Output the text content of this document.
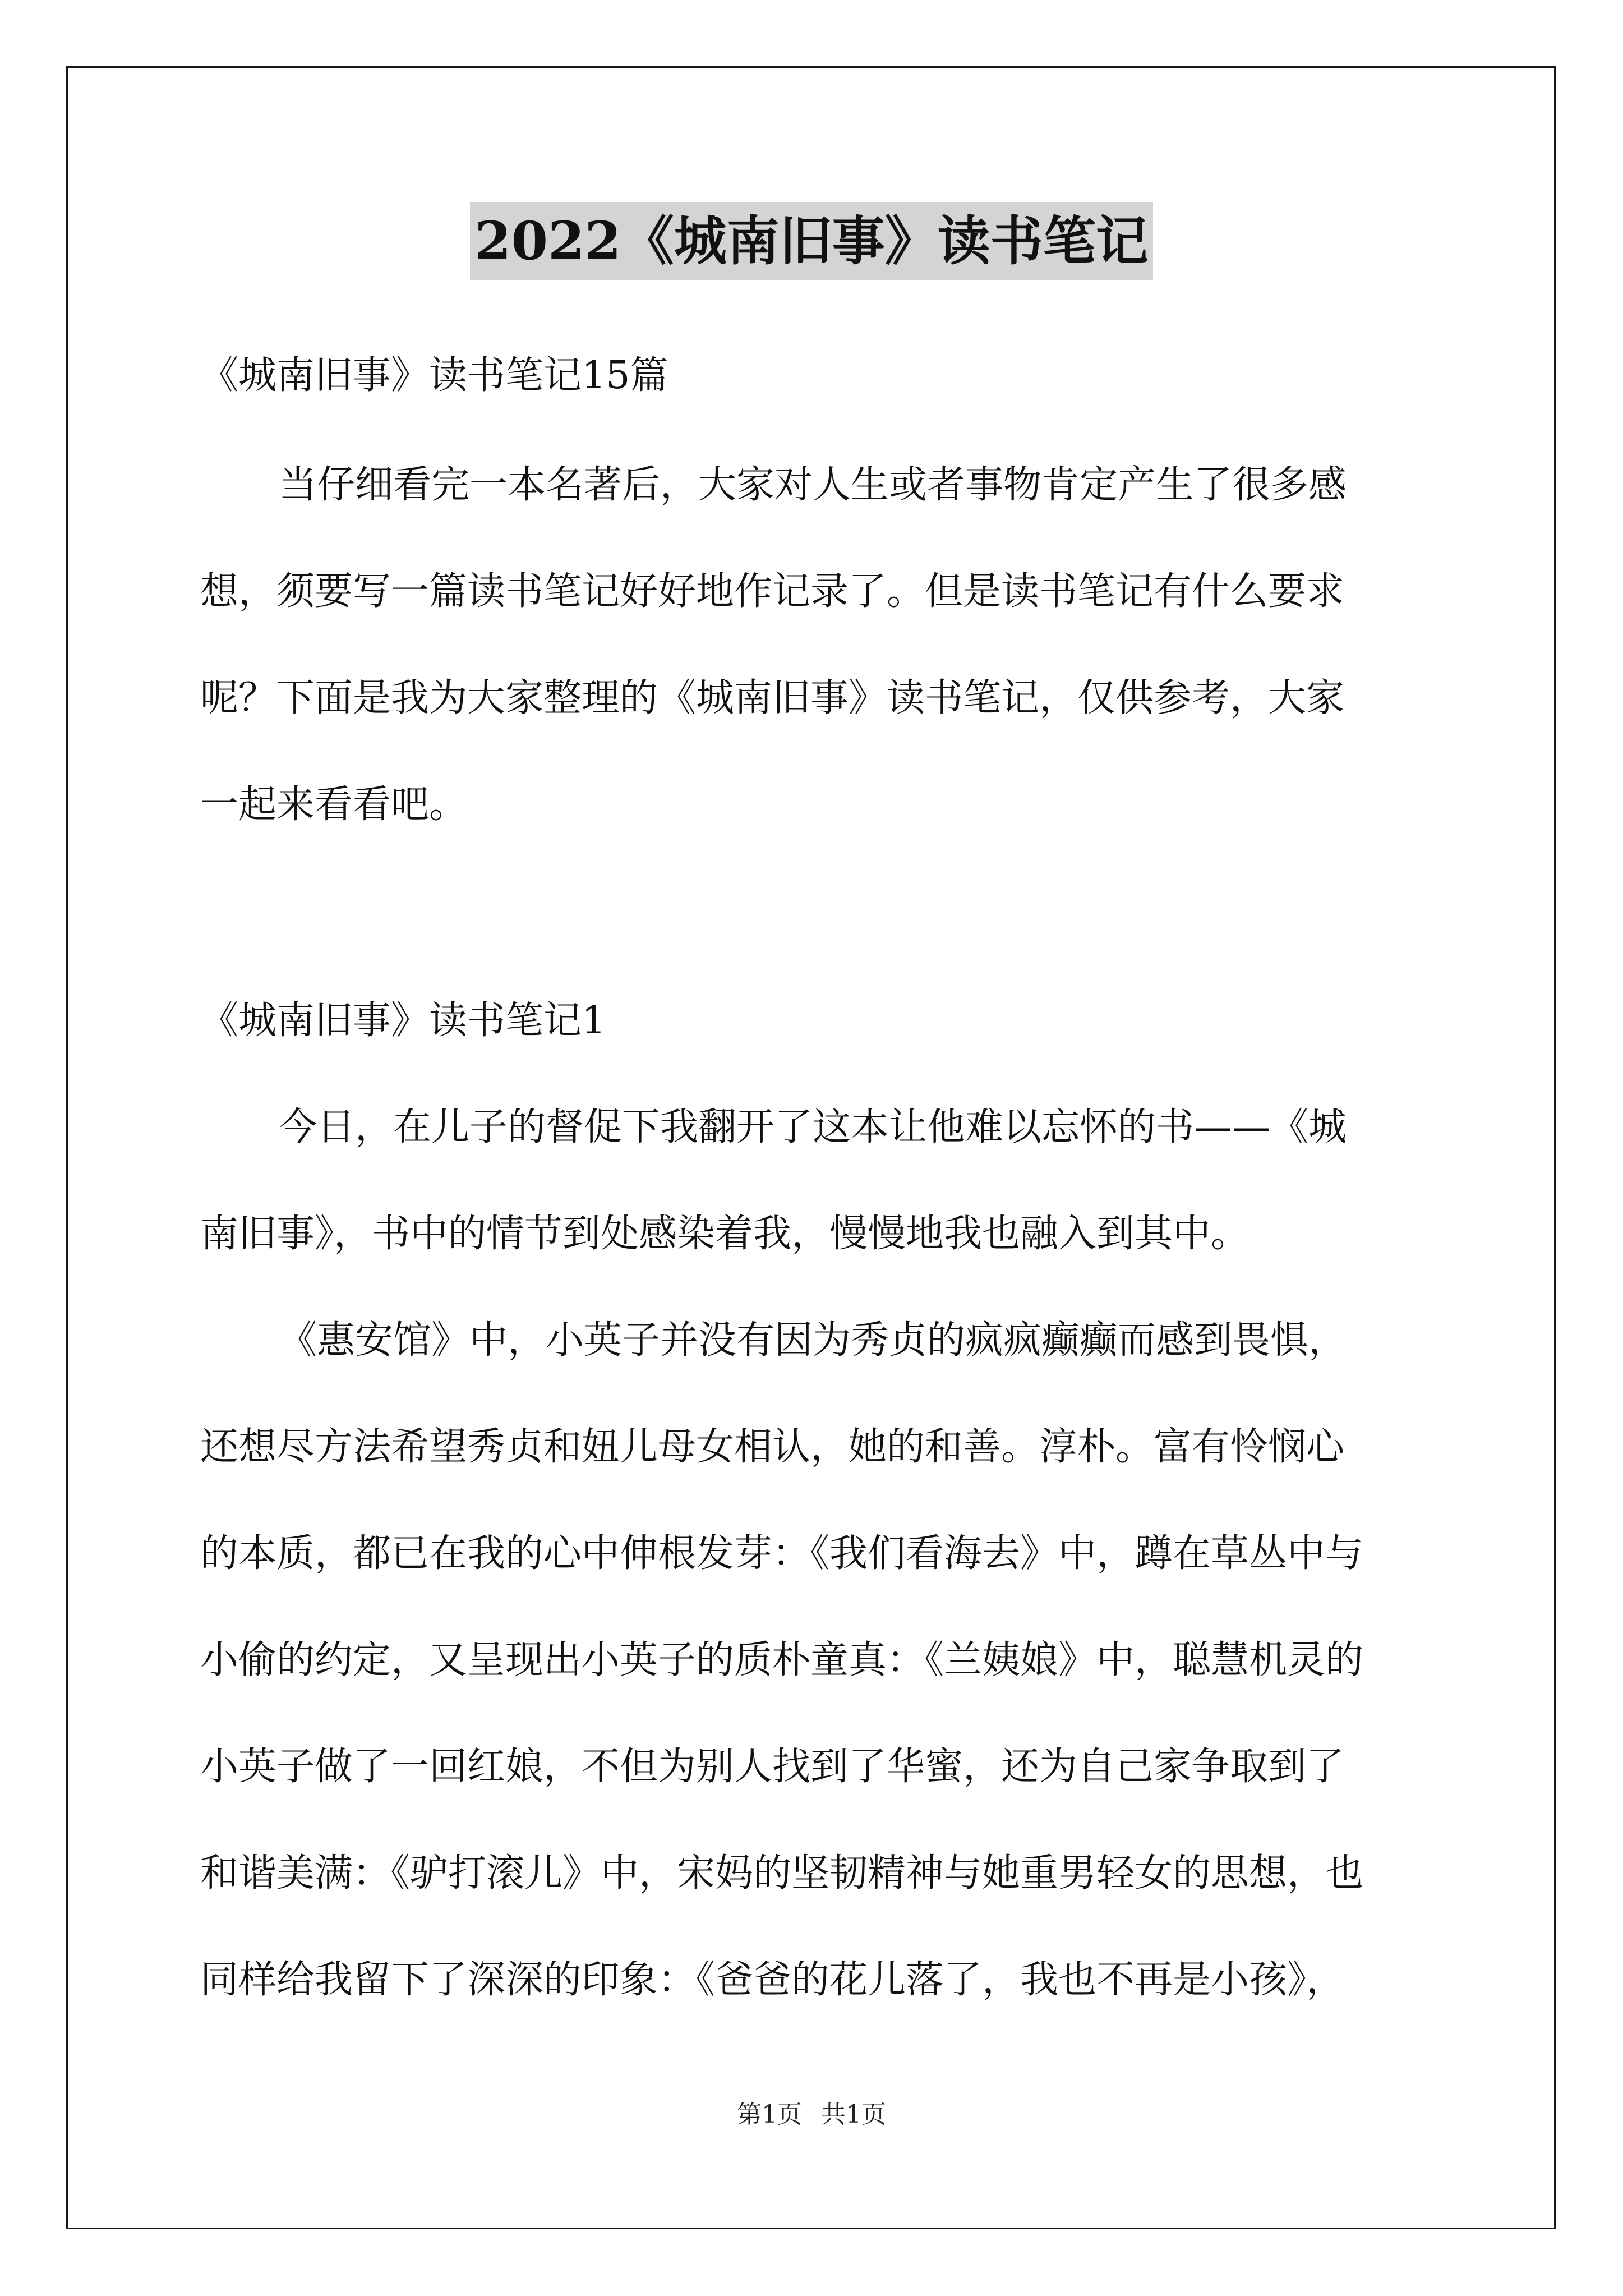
2022《城南旧事》读书笔记
《城南旧事》读书笔记15篇
当仔细看完一本名著后，大家对人生或者事物肯定产生了很多感
想，须要写一篇读书笔记好好地作记录了。但是读书笔记有什么要求
呢？下面是我为大家整理的《城南旧事》读书笔记，仅供参考，大家
一起来看看吧。
《城南旧事》读书笔记1
今日，在儿子的督促下我翻开了这本让他难以忘怀的书——《城
南旧事》，书中的情节到处感染着我，慢慢地我也融入到其中。
《惠安馆》中，小英子并没有因为秀贞的疯疯癫癫而感到畏惧，
还想尽方法希望秀贞和妞儿母女相认，她的和善。淳朴。富有怜悯心
的本质，都已在我的心中伸根发芽：《我们看海去》中，蹲在草丛中与
小偷的约定，又呈现出小英子的质朴童真：《兰姨娘》中，聪慧机灵的
小英子做了一回红娘，不但为别人找到了华蜜，还为自己家争取到了
和谐美满：《驴打滚儿》中，宋妈的坚韧精神与她重男轻女的思想，也
同样给我留下了深深的印象：《爸爸的花儿落了，我也不再是小孩》，
第1页 共1页
